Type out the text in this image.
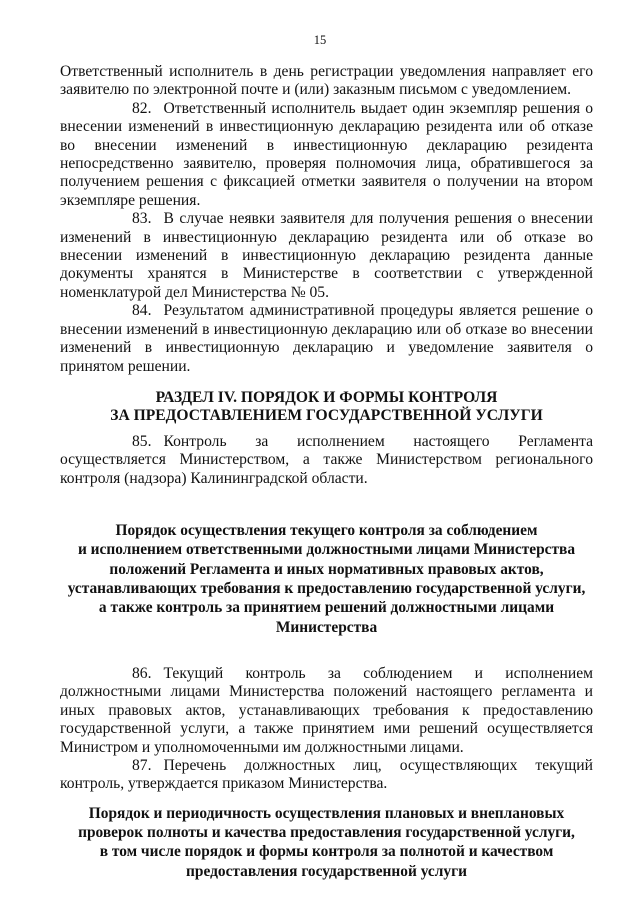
15

Ответственный исполнитель в день регистрации уведомления направляет его заявителю по электронной почте и (или) заказным письмом с уведомлением.

82. Ответственный исполнитель выдает один экземпляр решения о внесении изменений в инвестиционную декларацию резидента или об отказе во внесении изменений в инвестиционную декларацию резидента непосредственно заявителю, проверяя полномочия лица, обратившегося за получением решения с фиксацией отметки заявителя о получении на втором экземпляре решения.

83. В случае неявки заявителя для получения решения о внесении изменений в инвестиционную декларацию резидента или об отказе во внесении изменений в инвестиционную декларацию резидента данные документы хранятся в Министерстве в соответствии с утвержденной номенклатурой дел Министерства № 05.

84. Результатом административной процедуры является решение о внесении изменений в инвестиционную декларацию или об отказе во внесении изменений в инвестиционную декларацию и уведомление заявителя о принятом решении.

РАЗДЕЛ IV. ПОРЯДОК И ФОРМЫ КОНТРОЛЯ
ЗА ПРЕДОСТАВЛЕНИЕМ ГОСУДАРСТВЕННОЙ УСЛУГИ

85. Контроль за исполнением настоящего Регламента осуществляется Министерством, а также Министерством регионального контроля (надзора) Калининградской области.

Порядок осуществления текущего контроля за соблюдением
и исполнением ответственными должностными лицами Министерства
положений Регламента и иных нормативных правовых актов,
устанавливающих требования к предоставлению государственной услуги,
а также контроль за принятием решений должностными лицами
Министерства

86. Текущий контроль за соблюдением и исполнением должностными лицами Министерства положений настоящего регламента и иных правовых актов, устанавливающих требования к предоставлению государственной услуги, а также принятием ими решений осуществляется Министром и уполномоченными им должностными лицами.

87. Перечень должностных лиц, осуществляющих текущий контроль, утверждается приказом Министерства.

Порядок и периодичность осуществления плановых и внеплановых
проверок полноты и качества предоставления государственной услуги,
в том числе порядок и формы контроля за полнотой и качеством
предоставления государственной услуги
